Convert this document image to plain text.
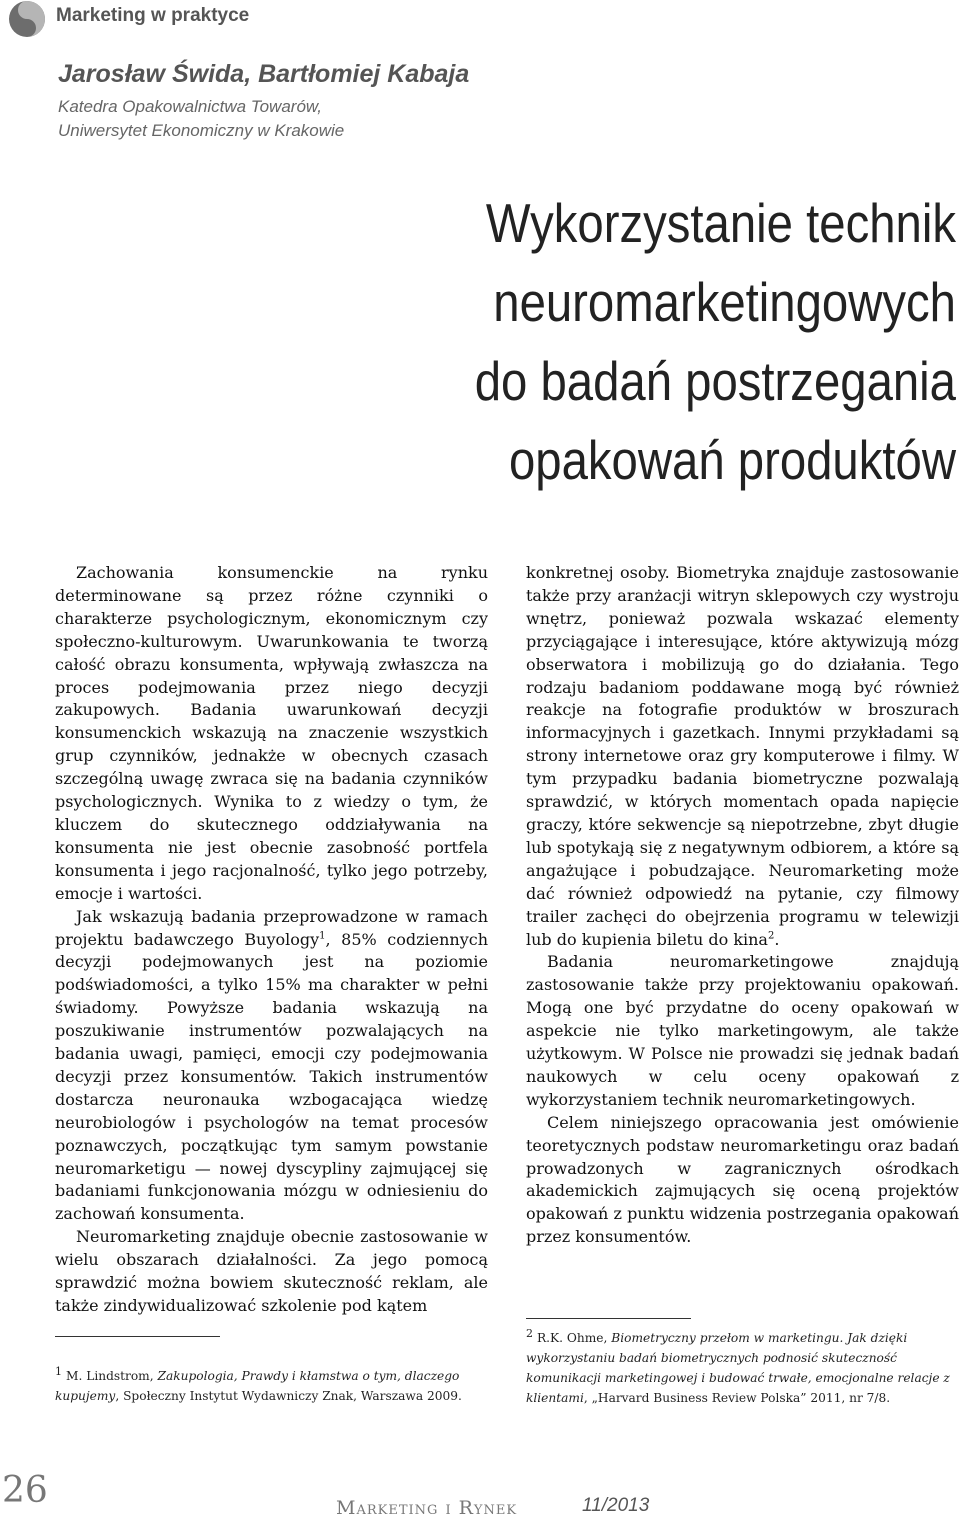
Marketing w praktyce
Jarosław Świda, Bartłomiej Kabaja
Katedra Opakowalnictwa Towarów,
Uniwersytet Ekonomiczny w Krakowie
Wykorzystanie technik
neuromarketingowych
do badań postrzegania
opakowań produktów

Zachowania konsumenckie na rynku determinowane są przez różne czynniki o charakterze psychologicznym, ekonomicznym czy społeczno-kulturowym. Uwarunkowania te tworzą całość obrazu konsumenta, wpływają zwłaszcza na proces podejmowania przez niego decyzji zakupowych. Badania uwarunkowań decyzji konsumenckich wskazują na znaczenie wszystkich grup czynników, jednakże w obecnych czasach szczególną uwagę zwraca się na badania czynników psychologicznych. Wynika to z wiedzy o tym, że kluczem do skutecznego oddziaływania na konsumenta nie jest obecnie zasobność portfela konsumenta i jego racjonalność, tylko jego potrzeby, emocje i wartości.

Jak wskazują badania przeprowadzone w ramach projektu badawczego Buyology$^1$, 85% codziennych decyzji podejmowanych jest na poziomie podświadomości, a tylko 15% ma charakter w pełni świadomy. Powyższe badania wskazują na poszukiwanie instrumentów pozwalających na badania uwagi, pamięci, emocji czy podejmowania decyzji przez konsumentów. Takich instrumentów dostarcza neuronauka wzbogacająca wiedzę neurobiologów i psychologów na temat procesów poznawczych, początkując tym samym powstanie neuromarketigu — nowej dyscypliny zajmującej się badaniami funkcjonowania mózgu w odniesieniu do zachowań konsumenta.

Neuromarketing znajduje obecnie zastosowanie w wielu obszarach działalności. Za jego pomocą sprawdzić można bowiem skuteczność reklam, ale także zindywidualizować szkolenie pod kątem

konkretnej osoby. Biometryka znajduje zastosowanie także przy aranżacji witryn sklepowych czy wystroju wnętrz, ponieważ pozwala wskazać elementy przyciągające i interesujące, które aktywizują mózg obserwatora i mobilizują go do działania. Tego rodzaju badaniom poddawane mogą być również reakcje na fotografie produktów w broszurach informacyjnych i gazetkach. Innymi przykładami są strony internetowe oraz gry komputerowe i filmy. W tym przypadku badania biometryczne pozwalają sprawdzić, w których momentach opada napięcie graczy, które sekwencje są niepotrzebne, zbyt długie lub spotykają się z negatywnym odbiorem, a które są angażujące i pobudzające. Neuromarketing może dać również odpowiedź na pytanie, czy filmowy trailer zachęci do obejrzenia programu w telewizji lub do kupienia biletu do kina$^2$.

Badania neuromarketingowe znajdują zastosowanie także przy projektowaniu opakowań. Mogą one być przydatne do oceny opakowań w aspekcie nie tylko marketingowym, ale także użytkowym. W Polsce nie prowadzi się jednak badań naukowych w celu oceny opakowań z wykorzystaniem technik neuromarketingowych.

Celem niniejszego opracowania jest omówienie teoretycznych podstaw neuromarketingu oraz badań prowadzonych w zagranicznych ośrodkach akademickich zajmujących się oceną projektów opakowań z punktu widzenia postrzegania opakowań przez konsumentów.

1 M. Lindstrom, Zakupologia, Prawdy i kłamstwa o tym, dlaczego kupujemy, Społeczny Instytut Wydawniczy Znak, Warszawa 2009.
2 R.K. Ohme, Biometryczny przełom w marketingu. Jak dzięki wykorzystaniu badań biometrycznych podnosić skuteczność komunikacji marketingowej i budować trwałe, emocjonalne relacje z klientami, „Harvard Business Review Polska” 2011, nr 7/8.
26	Marketing i Rynek	11/2013
